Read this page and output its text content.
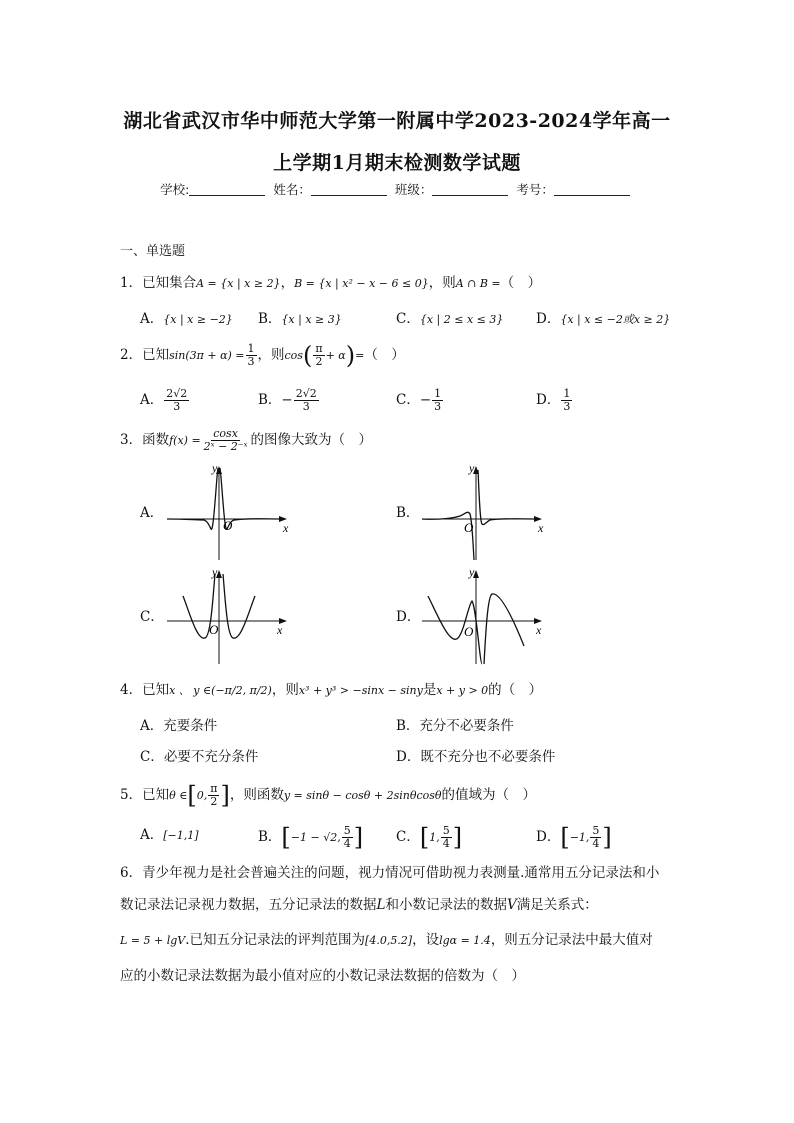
湖北省武汉市华中师范大学第一附属中学2023-2024学年高一
上学期1月期末检测数学试题
学校:	姓名：	班级：	考号：
一、单选题
1．已知集合A = {x | x ≥ 2}，B = {x | x² − x − 6 ≤ 0}，则A ∩ B =（　）
A．{x | x ≥ −2} B．{x | x ≥ 3}	C．{x | 2 ≤ x ≤ 3} D．{x | x ≤ −2或x ≥ 2}
2．已知$\sin(3\pi + \alpha) = \frac{1}{3}$ ，则$\cos( \frac{\pi}{2} + \alpha)=$（　）
A． $\frac{2√2}{3}$	B．− $\frac{2√2}{3}$	C．− $\frac{1}{3}$	D． $\frac{1}{3}$
3．函数$f(x) = \frac{\cos x}{\text{2ˣ − 2⁻ˣ}}$ 的图像大致为（　）
A．
O	x
y
B．
O	x
y
C．
O	x
y
D．
O	x
y
4．已知x 、 y ∈(−π/2, π/2)，则x³ + y³ > −sinx − siny是x + y > 0的（　）
A．充要条件	B．充分不必要条件
C．必要不充分条件	D．既不充分也不必要条件
5．已知θ ∈[0, $\frac{\pi}{2}$ ]，则函数y = sinθ − cosθ + 2sinθcosθ的值域为（　）
A．[−1,1]	B．[−1 − √2, $\frac{5}{4}$ ] C．[1, $\frac{5}{4}$ ]	D．[−1, $\frac{5}{4}$ ]
6．青少年视力是社会普遍关注的问题，视力情况可借助视力表测量.通常用五分记录法和小
数记录法记录视力数据，五分记录法的数据L和小数记录法的数据V满足关系式：
L = 5 + lgV.已知五分记录法的评判范围为[4.0,5.2]，设lgα = 1.4，则五分记录法中最大值对
应的小数记录法数据为最小值对应的小数记录法数据的倍数为（　）
